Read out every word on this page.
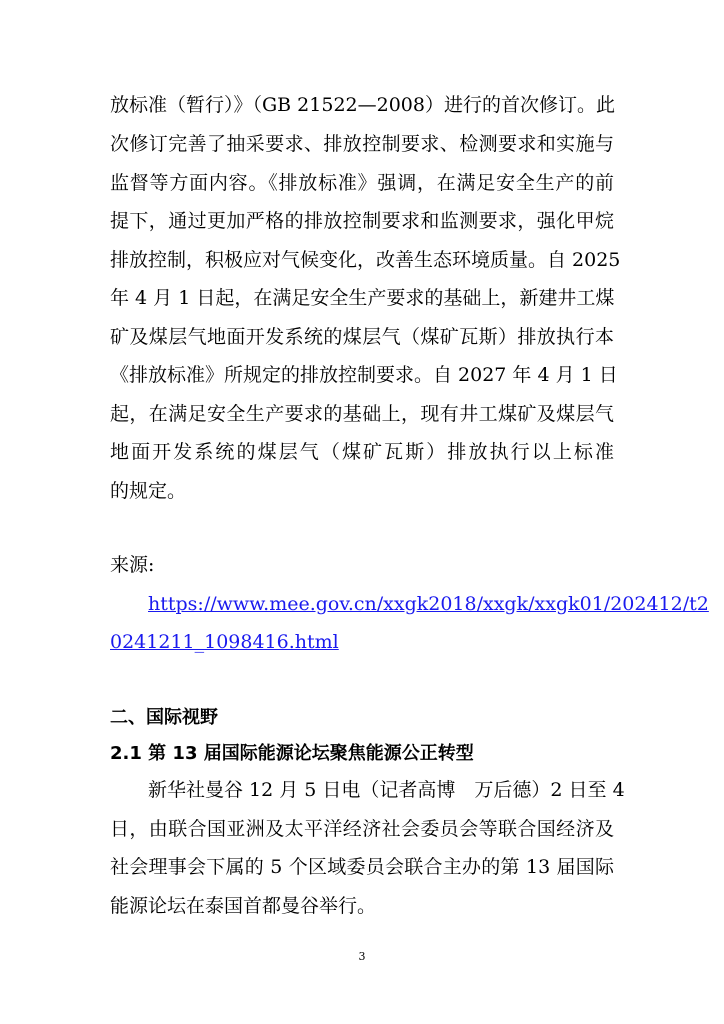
放标准（暂行）》（GB 21522—2008）进行的首次修订。此
次修订完善了抽采要求、排放控制要求、检测要求和实施与
监督等方面内容。《排放标准》强调，在满足安全生产的前
提下，通过更加严格的排放控制要求和监测要求，强化甲烷
排放控制，积极应对气候变化，改善生态环境质量。自 2025
年 4 月 1 日起，在满足安全生产要求的基础上，新建井工煤
矿及煤层气地面开发系统的煤层气（煤矿瓦斯）排放执行本
《排放标准》所规定的排放控制要求。自 2027 年 4 月 1 日
起，在满足安全生产要求的基础上，现有井工煤矿及煤层气
地面开发系统的煤层气（煤矿瓦斯）排放执行以上标准
的规定。
来源:
https://www.mee.gov.cn/xxgk2018/xxgk/xxgk01/202412/t2
0241211_1098416.html
二、国际视野
2.1 第 13 届国际能源论坛聚焦能源公正转型
新华社曼谷 12 月 5 日电（记者高博　万后德）2 日至 4
日，由联合国亚洲及太平洋经济社会委员会等联合国经济及
社会理事会下属的 5 个区域委员会联合主办的第 13 届国际
能源论坛在泰国首都曼谷举行。
3
